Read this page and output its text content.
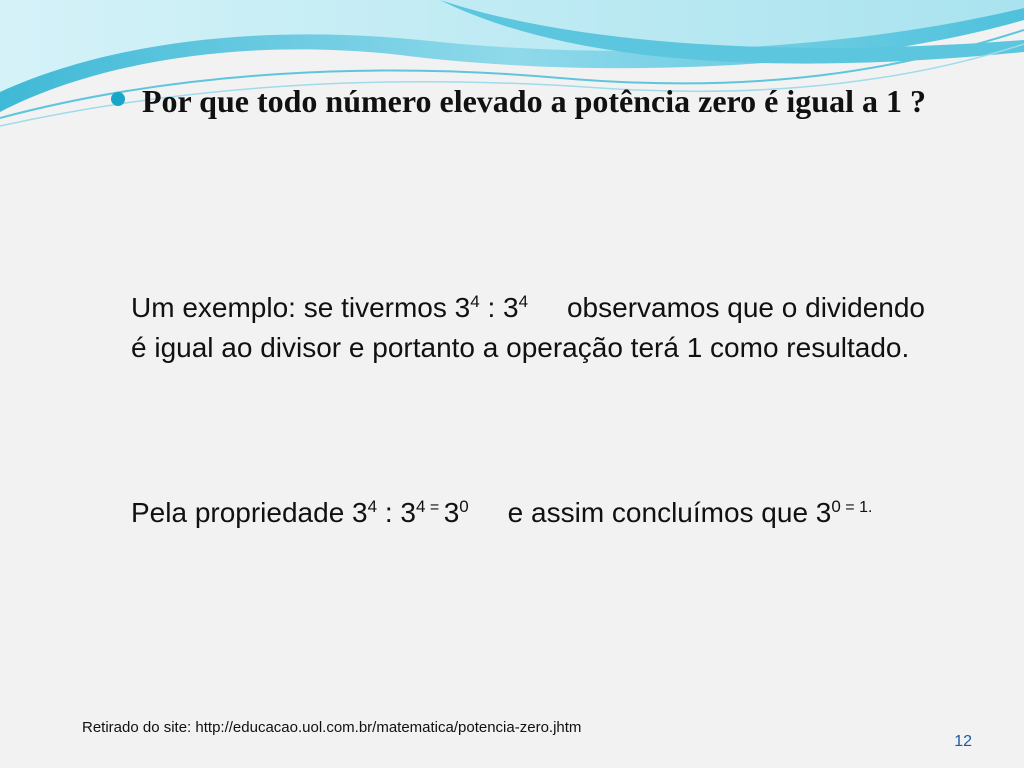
Por que todo número elevado a potência zero é igual a 1 ?
Um exemplo: se tivermos $3^4$ : $3^4$     observamos que o dividendo é igual ao divisor e portanto a operação terá 1 como resultado.
Pela propriedade $3^4$ : $3^4$ = $3^0$     e assim concluímos que $3^0$ $^{= 1.}$
Retirado do site: http://educacao.uol.com.br/matematica/potencia-zero.jhtm
12
